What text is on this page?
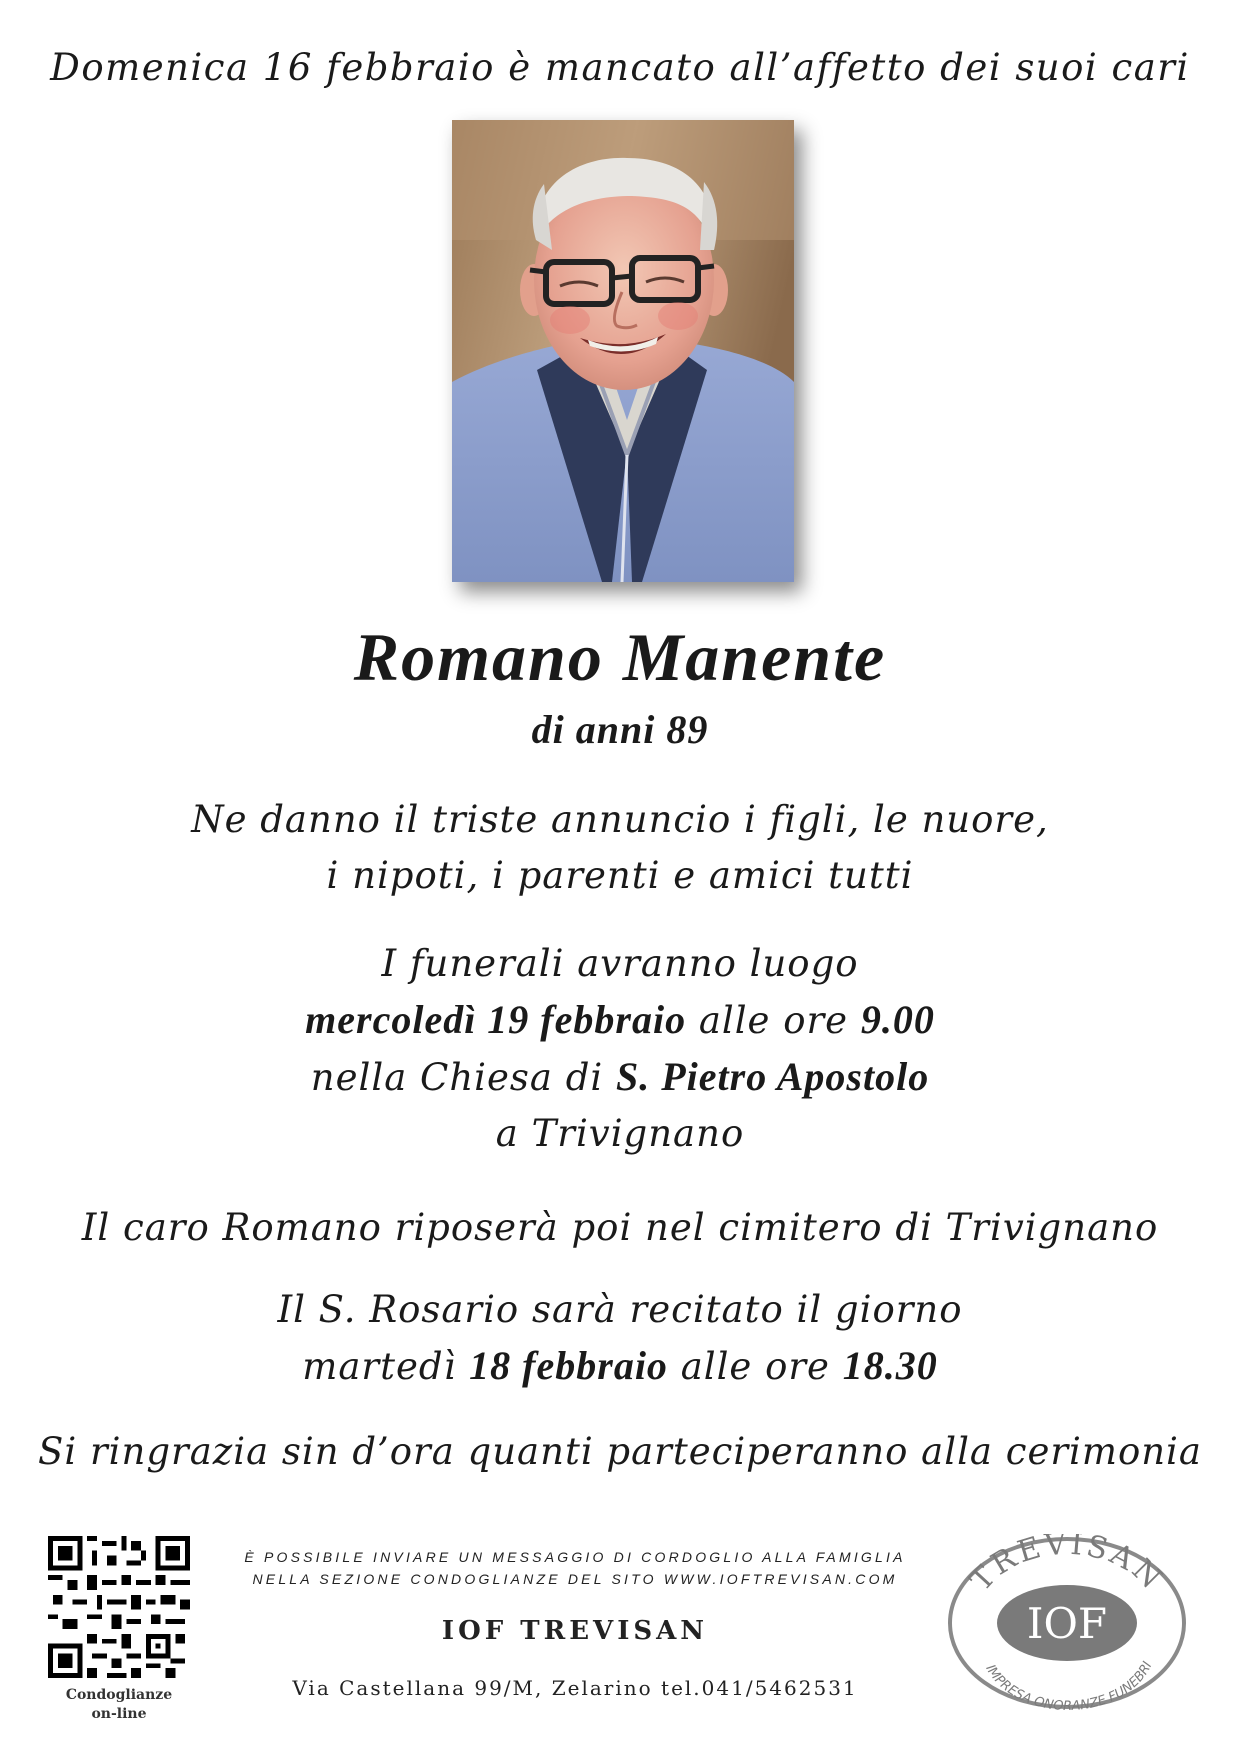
Domenica 16 febbraio è mancato all’affetto dei suoi cari
Romano Manente
di anni 89
Ne danno il triste annuncio i figli, le nuore,
i nipoti, i parenti e amici tutti
I funerali avranno luogo
mercoledì 19 febbraio alle ore 9.00
nella Chiesa di S. Pietro Apostolo
a Trivignano
Il caro Romano riposerà poi nel cimitero di Trivignano
Il S. Rosario sarà recitato il giorno
martedì 18 febbraio alle ore 18.30
Si ringrazia sin d’ora quanti parteciperanno alla cerimonia
Condoglianze
on-line
È POSSIBILE INVIARE UN MESSAGGIO DI CORDOGLIO ALLA FAMIGLIA
NELLA SEZIONE CONDOGLIANZE DEL SITO WWW.IOFTREVISAN.COM
IOF TREVISAN
Via Castellana 99/M, Zelarino tel.041/5462531
TREVISAN
IOF
IMPRESA ONORANZE FUNEBRI
